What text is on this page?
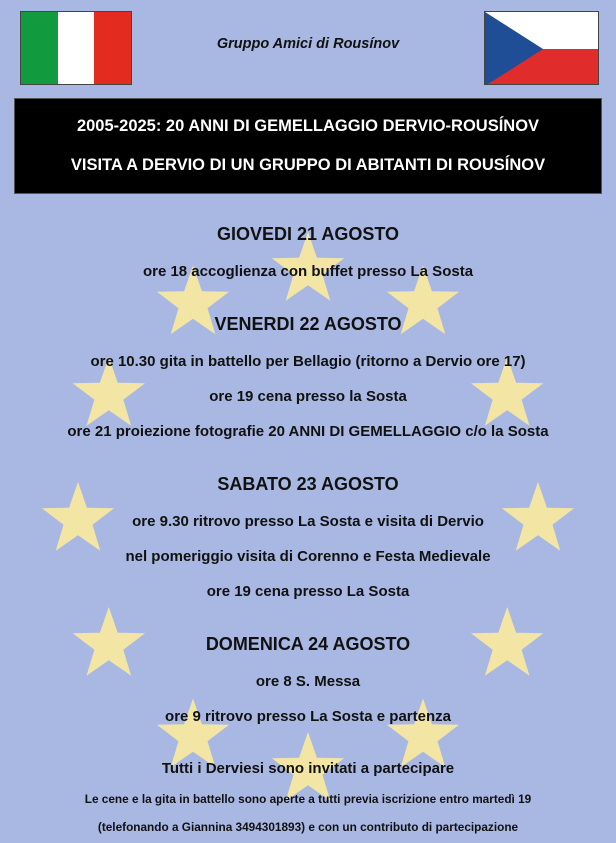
Gruppo Amici di Rousínov
2005-2025: 20 ANNI DI GEMELLAGGIO DERVIO-ROUSÍNOV
VISITA A DERVIO DI UN GRUPPO DI ABITANTI DI ROUSÍNOV
GIOVEDI 21 AGOSTO
ore 18 accoglienza con buffet presso La Sosta
VENERDI 22 AGOSTO
ore 10.30 gita in battello per Bellagio (ritorno a Dervio ore 17)
ore 19 cena presso la Sosta
ore 21 proiezione fotografie 20 ANNI DI GEMELLAGGIO c/o la Sosta
SABATO 23 AGOSTO
ore 9.30 ritrovo presso La Sosta e visita di Dervio
nel pomeriggio visita di Corenno e Festa Medievale
ore 19 cena presso La Sosta
DOMENICA 24 AGOSTO
ore 8 S. Messa
ore 9 ritrovo presso La Sosta e partenza
Tutti i Derviesi sono invitati a partecipare
Le cene e la gita in battello sono aperte a tutti previa iscrizione entro martedì 19
(telefonando a Giannina 3494301893) e con un contributo di partecipazione
